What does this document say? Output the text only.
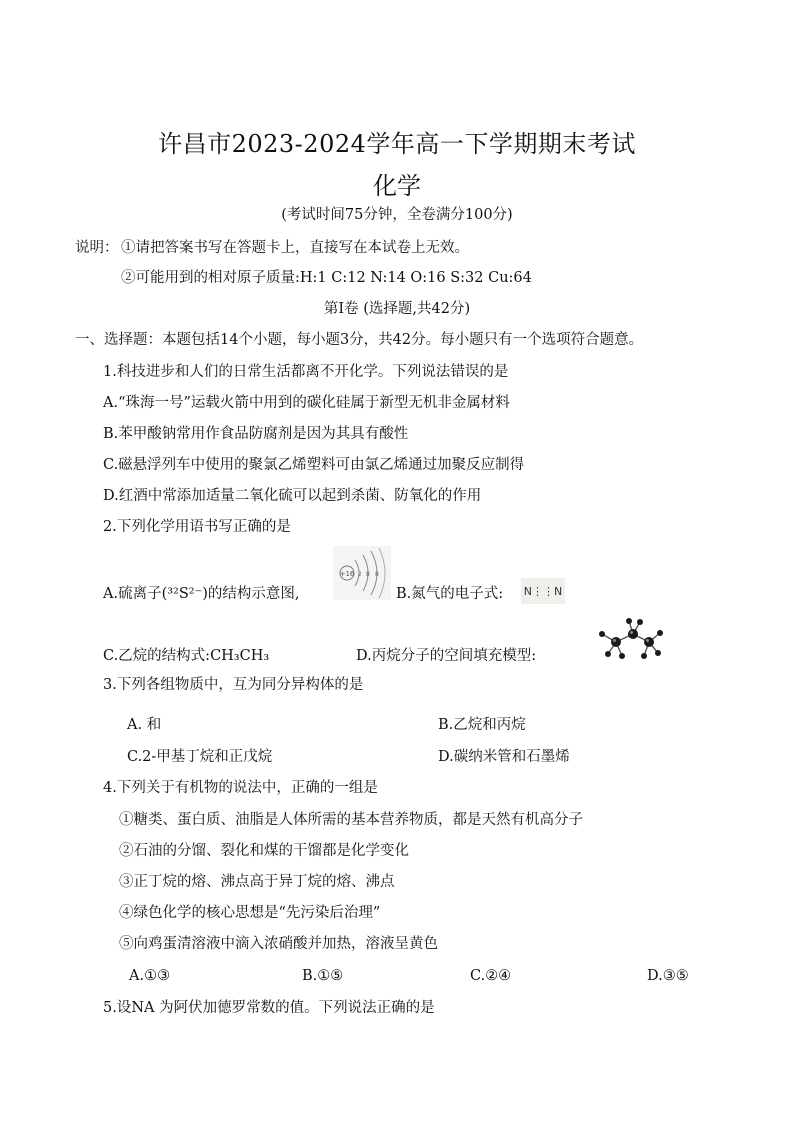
许昌市2023-2024学年高一下学期期末考试
化学
(考试时间75分钟，全卷满分100分)
说明： ①请把答案书写在答题卡上，直接写在本试卷上无效。
②可能用到的相对原子质量:H:1 C:12 N:14 O:16 S:32 Cu:64
第Ⅰ卷 (选择题,共42分)
一、选择题：本题包括14个小题，每小题3分，共42分。每小题只有一个选项符合题意。
1.科技进步和人们的日常生活都离不开化学。下列说法错误的是
A.“珠海一号”运载火箭中用到的碳化硅属于新型无机非金属材料
B.苯甲酸钠常用作食品防腐剂是因为其具有酸性
C.磁悬浮列车中使用的聚氯乙烯塑料可由氯乙烯通过加聚反应制得
D.红酒中常添加适量二氧化硫可以起到杀菌、防氧化的作用
2.下列化学用语书写正确的是
A.硫离子(³²S²⁻)的结构示意图,
+16 2 8 8
B.氮气的电子式: N⋮⋮N
C.乙烷的结构式:CH₃CH₃	D.丙烷分子的空间填充模型:
3.下列各组物质中，互为同分异构体的是
A. 和	B.乙烷和丙烷
C.2-甲基丁烷和正戊烷	D.碳纳米管和石墨烯
4.下列关于有机物的说法中，正确的一组是
①糖类、蛋白质、油脂是人体所需的基本营养物质，都是天然有机高分子
②石油的分馏、裂化和煤的干馏都是化学变化
③正丁烷的熔、沸点高于异丁烷的熔、沸点
④绿色化学的核心思想是“先污染后治理”
⑤向鸡蛋清溶液中滴入浓硝酸并加热，溶液呈黄色
A.①③	B.①⑤	C.②④	D.③⑤
5.设NA 为阿伏加德罗常数的值。下列说法正确的是
